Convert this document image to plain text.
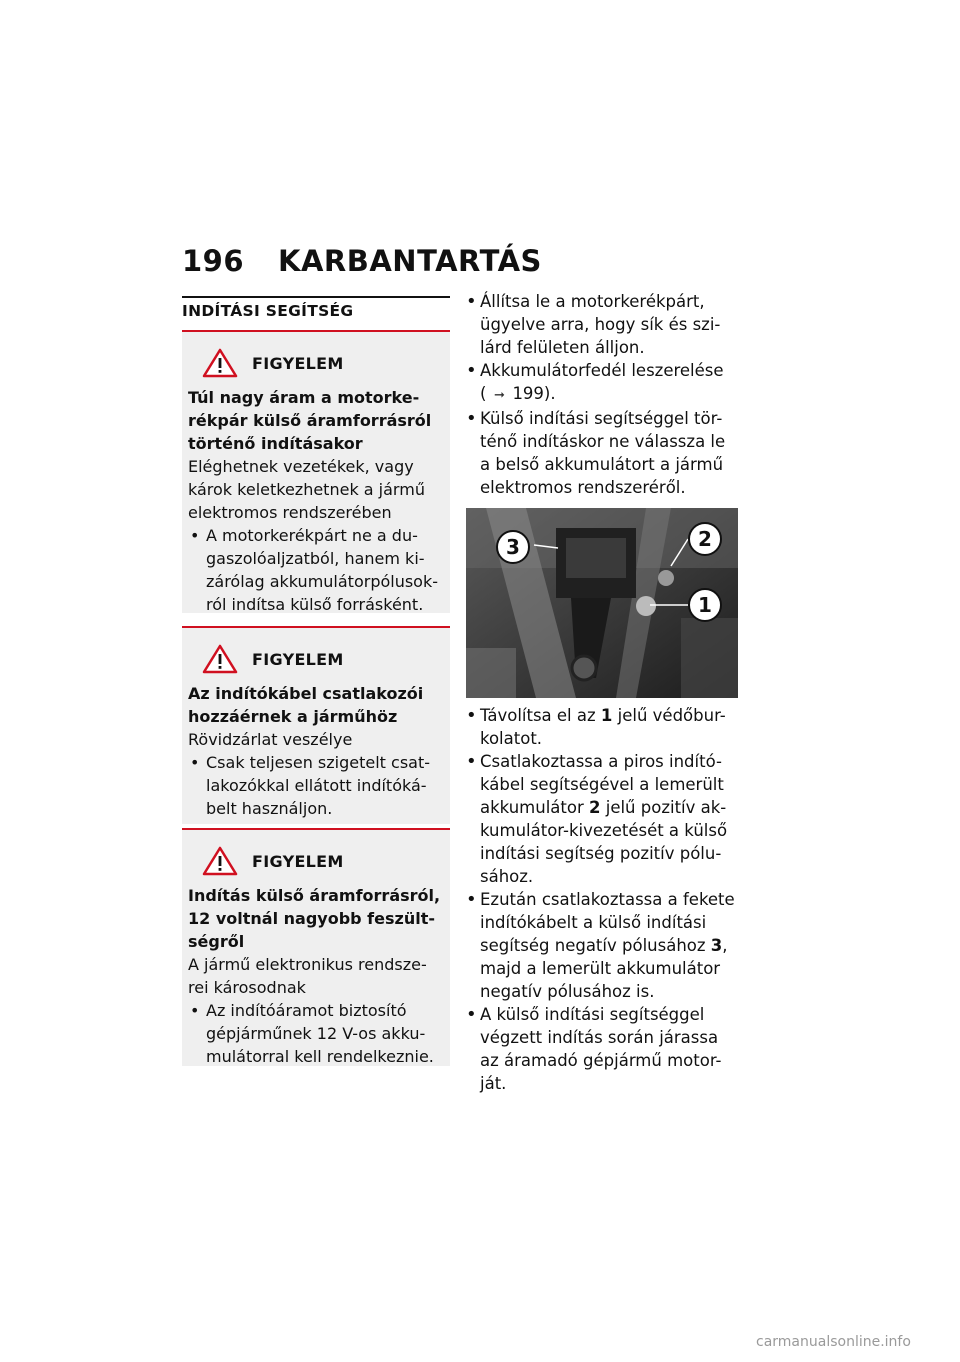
196 KARBANTARTÁS
INDÍTÁSI SEGÍTSÉG
FIGYELEM
Túl nagy áram a motorke-rékpár külső áramforrásról történő indításakor
Eléghetnek vezetékek, vagy károk keletkezhetnek a jármű elektromos rendszerében
• A motorkerékpárt ne a du-gaszolóaljzatból, hanem ki-zárólag akkumulátorpólusok-ról indítsa külső forrásként.
FIGYELEM
Az indítókábel csatlakozói hozzáérnek a járműhöz
Rövidzárlat veszélye
• Csak teljesen szigetelt csat-lakozókkal ellátott indítóká-belt használjon.
FIGYELEM
Indítás külső áramforrásról, 12 voltnál nagyobb feszült-ségről
A jármű elektronikus rendsze-rei károsodnak
• Az indítóáramot biztosító gépjárműnek 12 V-os akku-mulátorral kell rendelkeznie.
• Állítsa le a motorkerékpárt, ügyelve arra, hogy sík és szi-lárd felületen álljon.
• Akkumulátorfedél leszerelése
( ➞ 199).
• Külső indítási segítséggel tör-ténő indításkor ne válassza le a belső akkumulátort a jármű elektromos rendszeréről.
3	2
1
• Távolítsa el az 1 jelű védőbur-kolatot.
• Csatlakoztassa a piros indító-kábel segítségével a lemerült akkumulátor 2 jelű pozitív ak-kumulátor-kivezetését a külső indítási segítség pozitív pólu-sához.
• Ezután csatlakoztassa a fekete indítókábelt a külső indítási segítség negatív pólusához 3, majd a lemerült akkumulátor negatív pólusához is.
• A külső indítási segítséggel végzett indítás során járassa az áramadó gépjármű motor-ját.
carmanualsonline.info
